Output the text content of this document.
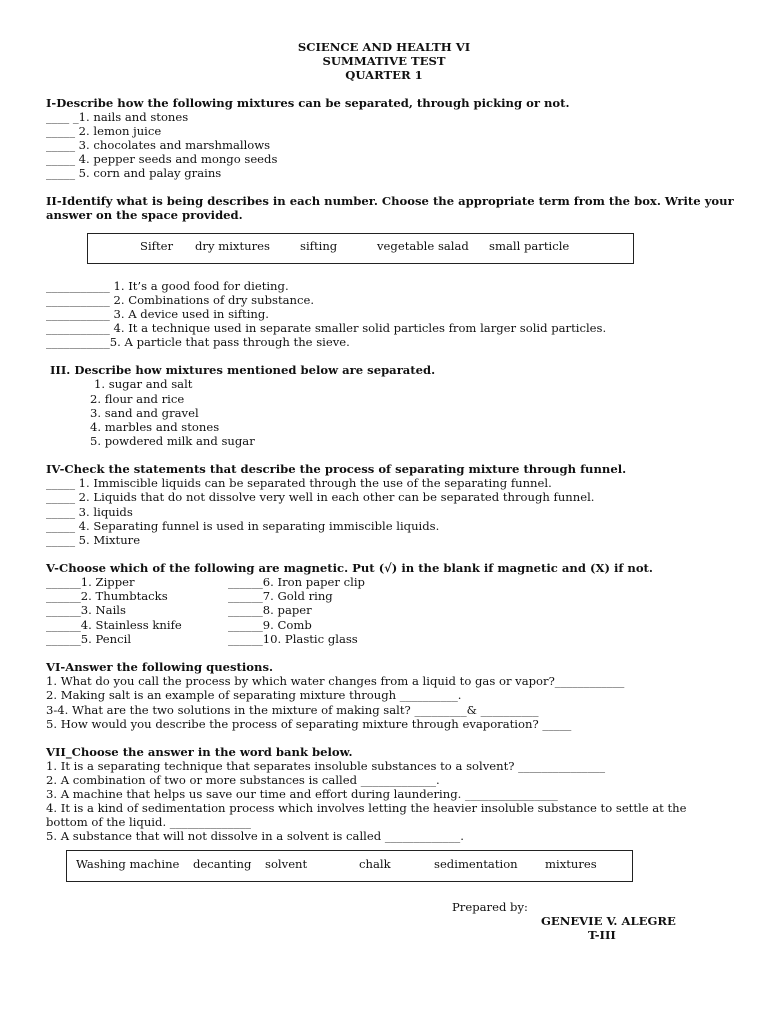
SCIENCE AND HEALTH VI
SUMMATIVE TEST
QUARTER 1
I-Describe how the following mixtures can be separated, through picking or not.
____ _1. nails and stones
_____ 2. lemon juice
_____ 3. chocolates and marshmallows
_____ 4. pepper seeds and mongo seeds
_____ 5. corn and palay grains
II-Identify what is being describes in each number. Choose the appropriate term from the box. Write your
answer on the space provided.
Sifter dry mixtures	sifting	vegetable salad small particle
___________ 1. It’s a good food for dieting.
___________ 2. Combinations of dry substance.
___________ 3. A device used in sifting.
___________ 4. It a technique used in separate smaller solid particles from larger solid particles.
___________5. A particle that pass through the sieve.
III. Describe how mixtures mentioned below are separated.
1. sugar and salt
2. flour and rice
3. sand and gravel
4. marbles and stones
5. powdered milk and sugar
IV-Check the statements that describe the process of separating mixture through funnel.
_____ 1. Immiscible liquids can be separated through the use of the separating funnel.
_____ 2. Liquids that do not dissolve very well in each other can be separated through funnel.
_____ 3. liquids
_____ 4. Separating funnel is used in separating immiscible liquids.
_____ 5. Mixture
V-Choose which of the following are magnetic. Put (√) in the blank if magnetic and (X) if not.
______1. Zipper
______2. Thumbtacks
______3. Nails
______4. Stainless knife
______5. Pencil
______6. Iron paper clip
______7. Gold ring
______8. paper
______9. Comb
______10. Plastic glass
VI-Answer the following questions.
1. What do you call the process by which water changes from a liquid to gas or vapor?____________
2. Making salt is an example of separating mixture through __________.
3-4. What are the two solutions in the mixture of making salt? _________& __________
5. How would you describe the process of separating mixture through evaporation? _____
VII_Choose the answer in the word bank below.
1. It is a separating technique that separates insoluble substances to a solvent? _______________
2. A combination of two or more substances is called _____________.
3. A machine that helps us save our time and effort during laundering. ________________
4. It is a kind of sedimentation process which involves letting the heavier insoluble substance to settle at the
bottom of the liquid. ______________
5. A substance that will not dissolve in a solvent is called _____________.
Washing machine decanting solvent	chalk	sedimentation mixtures
Prepared by:
GENEVIE V. ALEGRE
T-III
